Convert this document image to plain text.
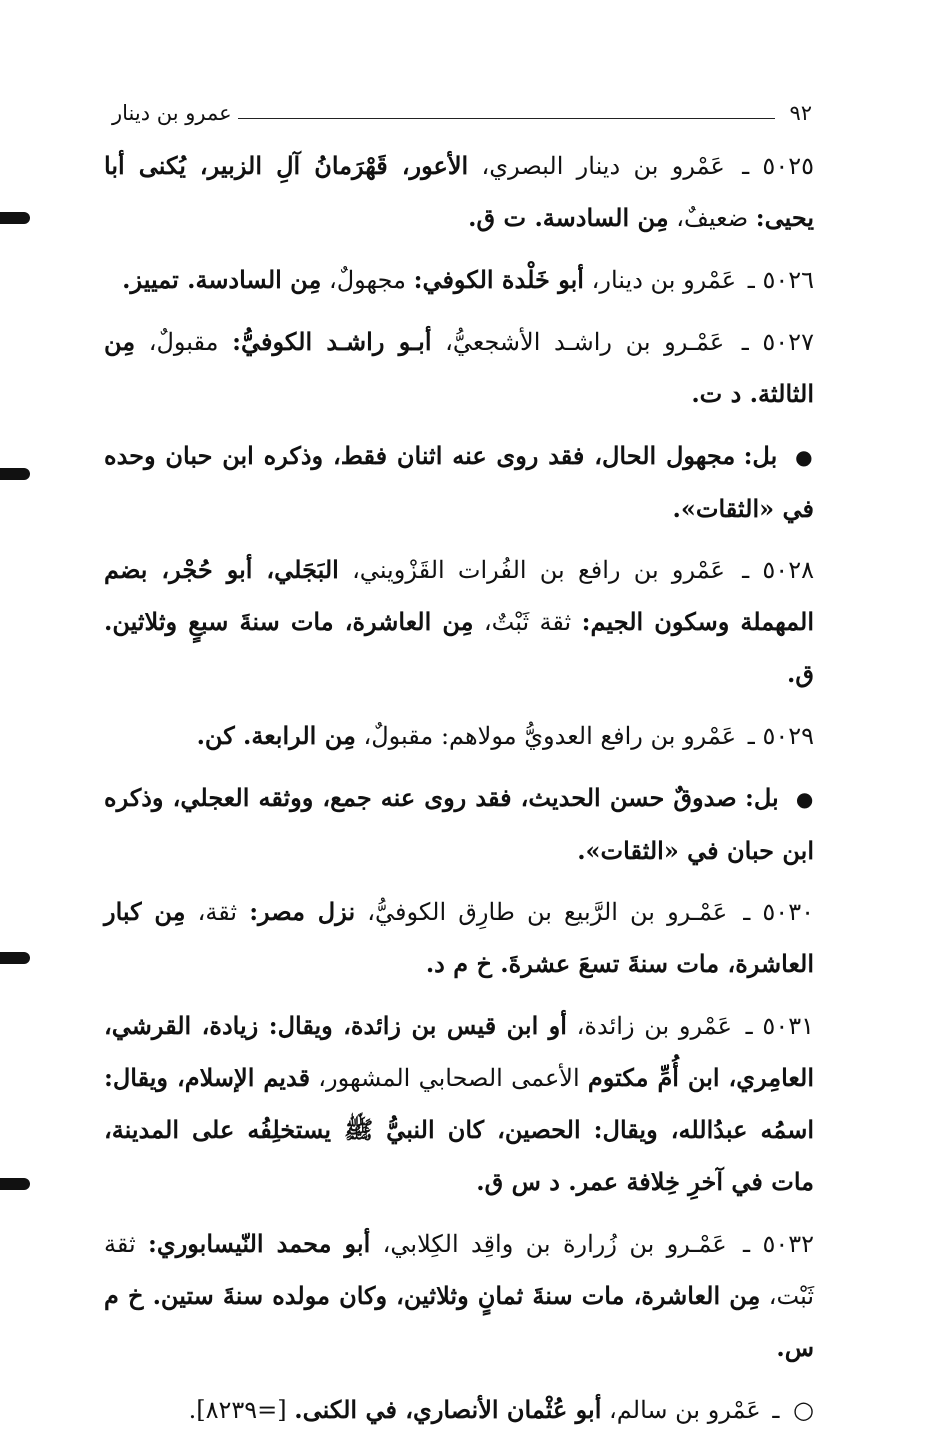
٩٢
عمرو بن دينار

٥٠٢٥ ـ عَمْرو بن دينار البصري، الأعور، قَهْرَمانُ آلِ الزبير، يُكنى أبا يحيى: ضعيفٌ، مِن السادسة. ت ق.

٥٠٢٦ ـ عَمْرو بن دينار، أبو خَلْدة الكوفي: مجهولٌ، مِن السادسة. تمييز.

٥٠٢٧ ـ عَمْـرو بن راشـد الأشجعيُّ، أبـو راشـد الكوفيُّ: مقبولٌ، مِن الثالثة. د ت.

● بل: مجهول الحال، فقد روى عنه اثنان فقط، وذكره ابن حبان وحده في «الثقات».

٥٠٢٨ ـ عَمْرو بن رافع بن الفُرات القَزْويني، البَجَلي، أبو حُجْر، بضم المهملة وسكون الجيم: ثقة ثَبْتٌ، مِن العاشرة، مات سنةَ سبعٍ وثلاثين. ق.

٥٠٢٩ ـ عَمْرو بن رافع العدويُّ مولاهم: مقبولٌ، مِن الرابعة. كن.

● بل: صدوقٌ حسن الحديث، فقد روى عنه جمع، ووثقه العجلي، وذكره ابن حبان في «الثقات».

٥٠٣٠ ـ عَمْـرو بن الرَّبيع بن طارِق الكوفيُّ، نزل مصر: ثقة، مِن كبار العاشرة، مات سنةَ تسعَ عشرةَ. خ م د.

٥٠٣١ ـ عَمْرو بن زائدة، أو ابن قيس بن زائدة، ويقال: زيادة، القرشي، العامِري، ابن أُمِّ مكتوم الأعمى الصحابي المشهور، قديم الإسلام، ويقال: اسمُه عبدُالله، ويقال: الحصين، كان النبيُّ ﷺ يستخلِفُه على المدينة، مات في آخرِ خِلافة عمر. د س ق.

٥٠٣٢ ـ عَمْـرو بن زُرارة بن واقِد الكِلابي، أبو محمد النّيسابوري: ثقة ثَبْت، مِن العاشرة، مات سنةَ ثمانٍ وثلاثين، وكان مولده سنةَ ستين. خ م س.

○ ـ عَمْرو بن سالم، أبو عُثْمان الأنصاري، في الكنى. [=٨٢٣٩].
